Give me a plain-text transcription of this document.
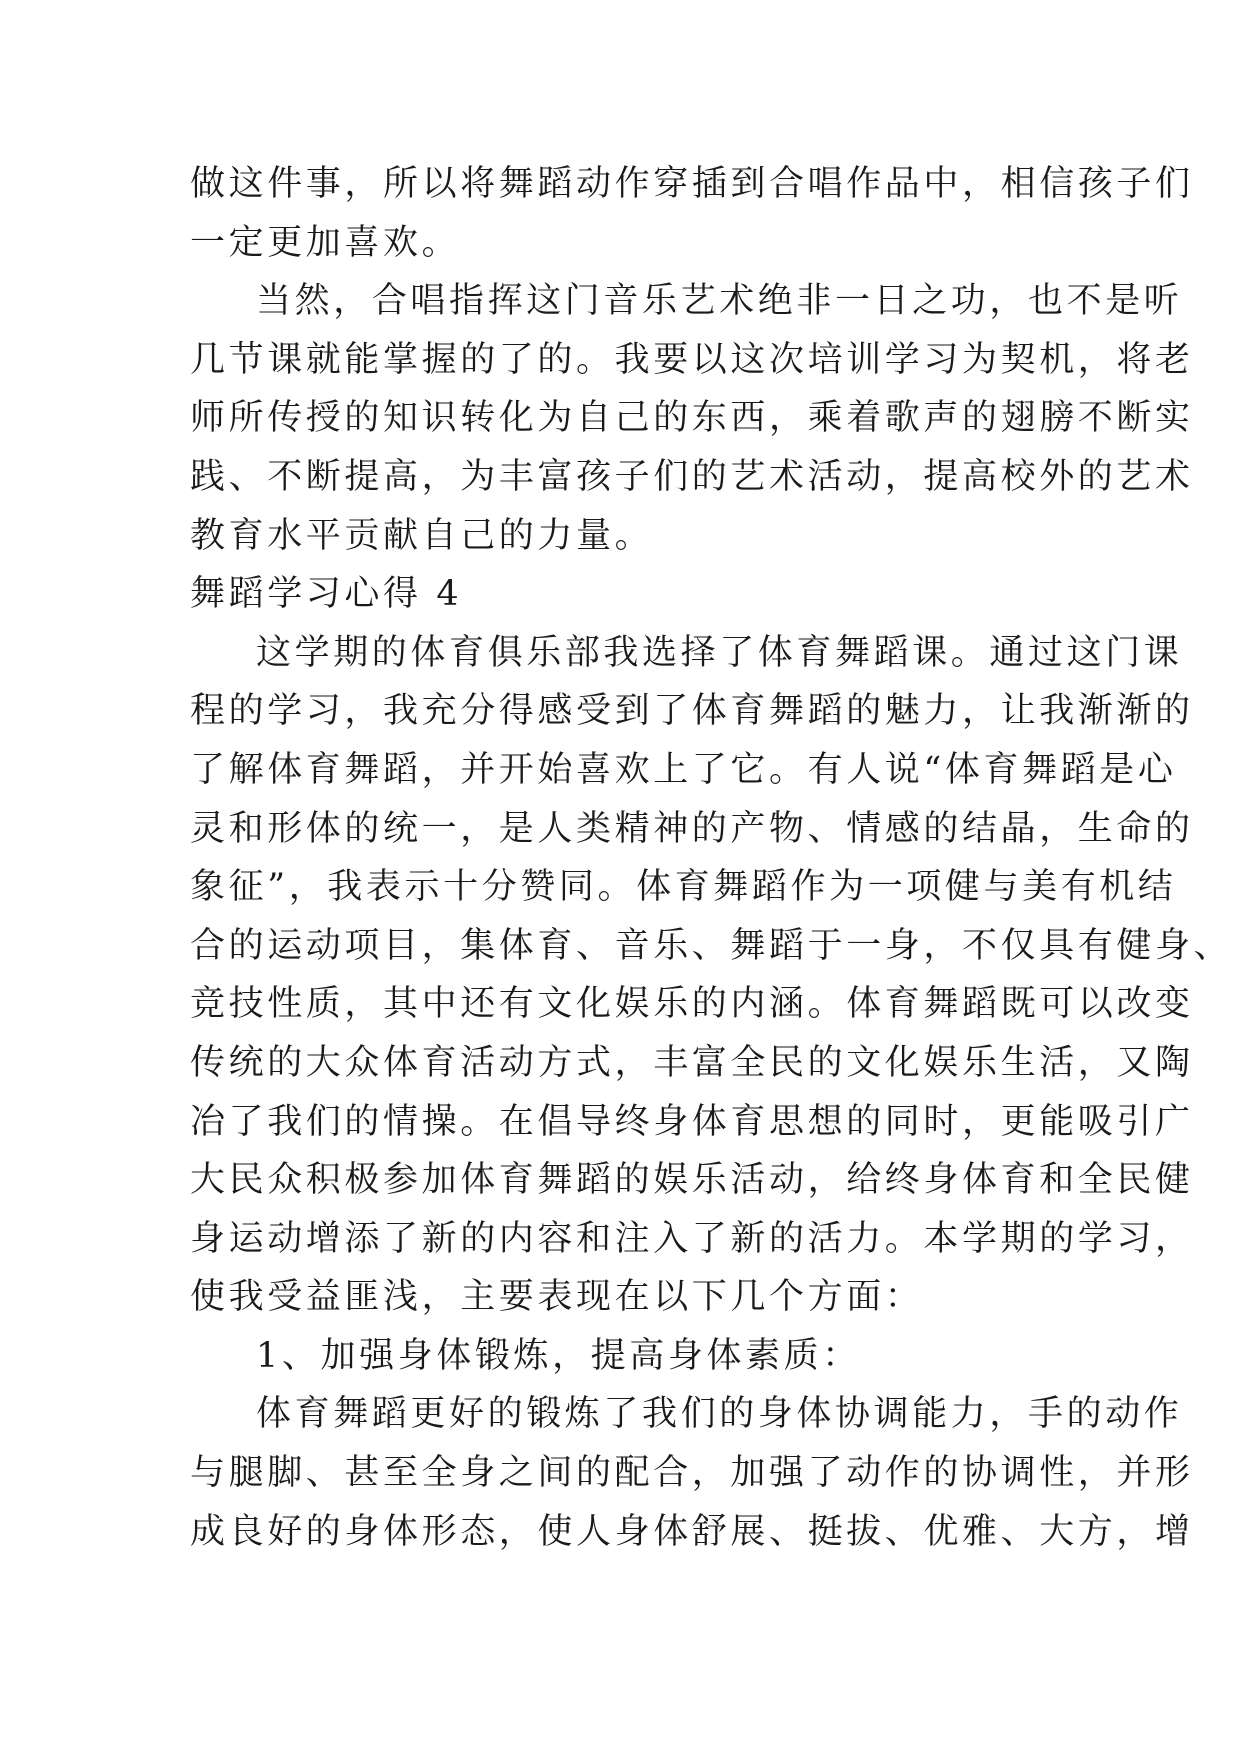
做这件事，所以将舞蹈动作穿插到合唱作品中，相信孩子们
一定更加喜欢。
当然，合唱指挥这门音乐艺术绝非一日之功，也不是听
几节课就能掌握的了的。我要以这次培训学习为契机，将老
师所传授的知识转化为自己的东西，乘着歌声的翅膀不断实
践、不断提高，为丰富孩子们的艺术活动，提高校外的艺术
教育水平贡献自己的力量。
舞蹈学习心得 4
这学期的体育俱乐部我选择了体育舞蹈课。通过这门课
程的学习，我充分得感受到了体育舞蹈的魅力，让我渐渐的
了解体育舞蹈，并开始喜欢上了它。有人说“体育舞蹈是心
灵和形体的统一，是人类精神的产物、情感的结晶，生命的
象征”，我表示十分赞同。体育舞蹈作为一项健与美有机结
合的运动项目，集体育、音乐、舞蹈于一身，不仅具有健身、
竞技性质，其中还有文化娱乐的内涵。体育舞蹈既可以改变
传统的大众体育活动方式，丰富全民的文化娱乐生活，又陶
冶了我们的情操。在倡导终身体育思想的同时，更能吸引广
大民众积极参加体育舞蹈的娱乐活动，给终身体育和全民健
身运动增添了新的内容和注入了新的活力。本学期的学习，
使我受益匪浅，主要表现在以下几个方面：
1、加强身体锻炼，提高身体素质：
体育舞蹈更好的锻炼了我们的身体协调能力，手的动作
与腿脚、甚至全身之间的配合，加强了动作的协调性，并形
成良好的身体形态，使人身体舒展、挺拔、优雅、大方，增
